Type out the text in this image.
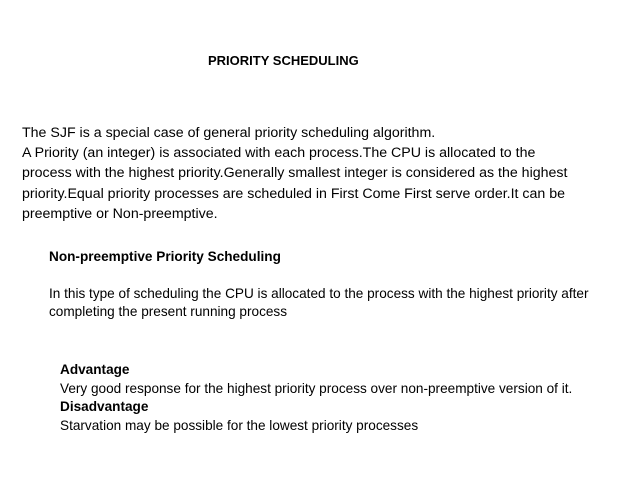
PRIORITY SCHEDULING

The SJF is a special case of general priority scheduling algorithm.

A Priority (an integer) is associated with each process.The CPU is allocated to the process with the highest priority.Generally smallest integer is considered as the highest priority.Equal priority processes are scheduled in First Come First serve order.It can be preemptive or Non-preemptive.

Non-preemptive Priority Scheduling

In this type of scheduling the CPU is allocated to the process with the highest priority after completing the present running process

Advantage

Very good response for the highest priority process over non-preemptive version of it.

Disadvantage

Starvation may be possible for the lowest priority processes
